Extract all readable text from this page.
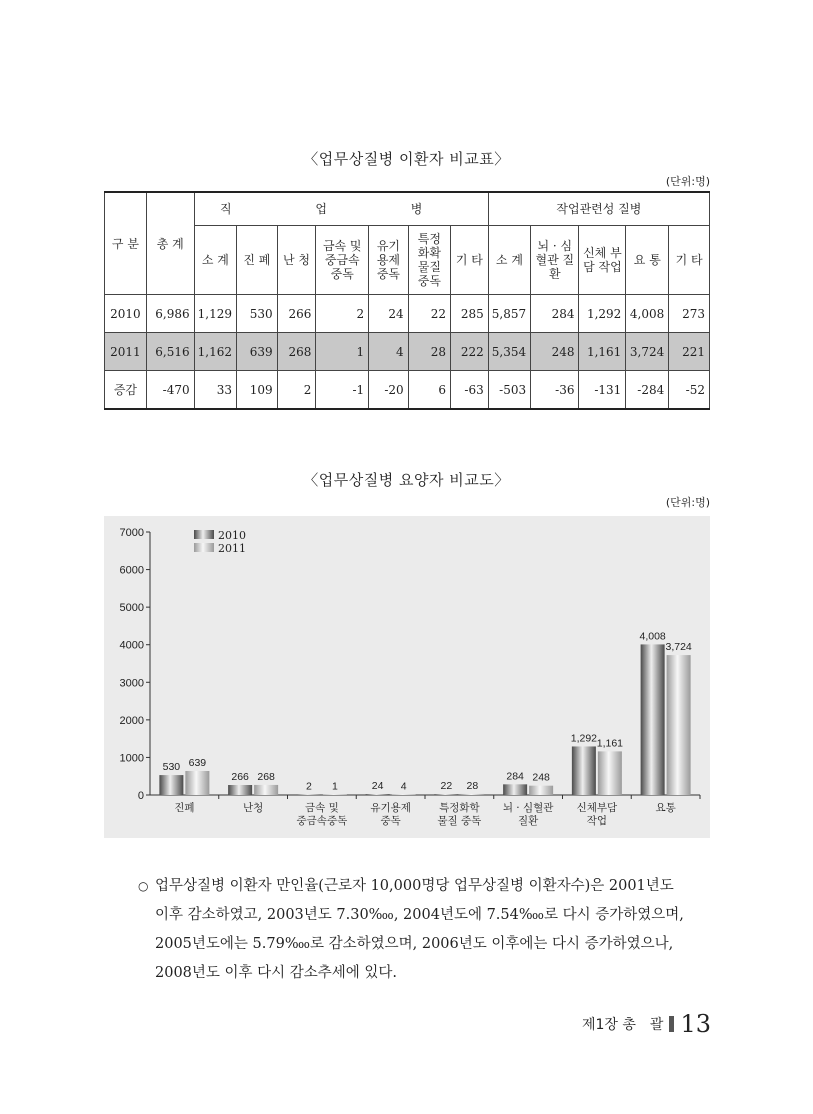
〈업무상질병 이환자 비교표〉
(단위:명)
구 분	총 계	직 업 병							작업관련성 질병				
		소 계	진 폐	난 청	금속 및 중금속 중독	유기 용제 중독	특정 화확 물질 중독	기 타	소 계	뇌 · 심혈관 질환	신체 부담 작업	요 통	기 타
2010	6,986	1,129	530	266	2	24	22	285	5,857	284	1,292	4,008	273
2011	6,516	1,162	639	268	1	4	28	222	5,354	248	1,161	3,724	221
증감	-470	33	109	2	-1	-20	6	-63	-503	-36	-131	-284	-52
〈업무상질병 요양자 비교도〉
(단위:명)
0
1000
2000
3000
4000
5000
6000
7000
530 639
진폐
266 268
난청
2 1
금속 및
중금속중독
24 4
유기용제
중독
22 28
특정화학
물질 중독
284 248
뇌 · 심혈관
질환
1,292 1,161
신체부담
작업
4,008
3,724
요통
2010
2011
○ 업무상질병 이환자 만인율(근로자 10,000명당 업무상질병 이환자수)은 2001년도

이후 감소하였고, 2003년도 7.30‱, 2004년도에 7.54‱로 다시 증가하였으며,

2005년도에는 5.79‱로 감소하였으며, 2006년도 이후에는 다시 증가하였으나,

2008년도 이후 다시 감소추세에 있다.

제1장 총　괄 13
